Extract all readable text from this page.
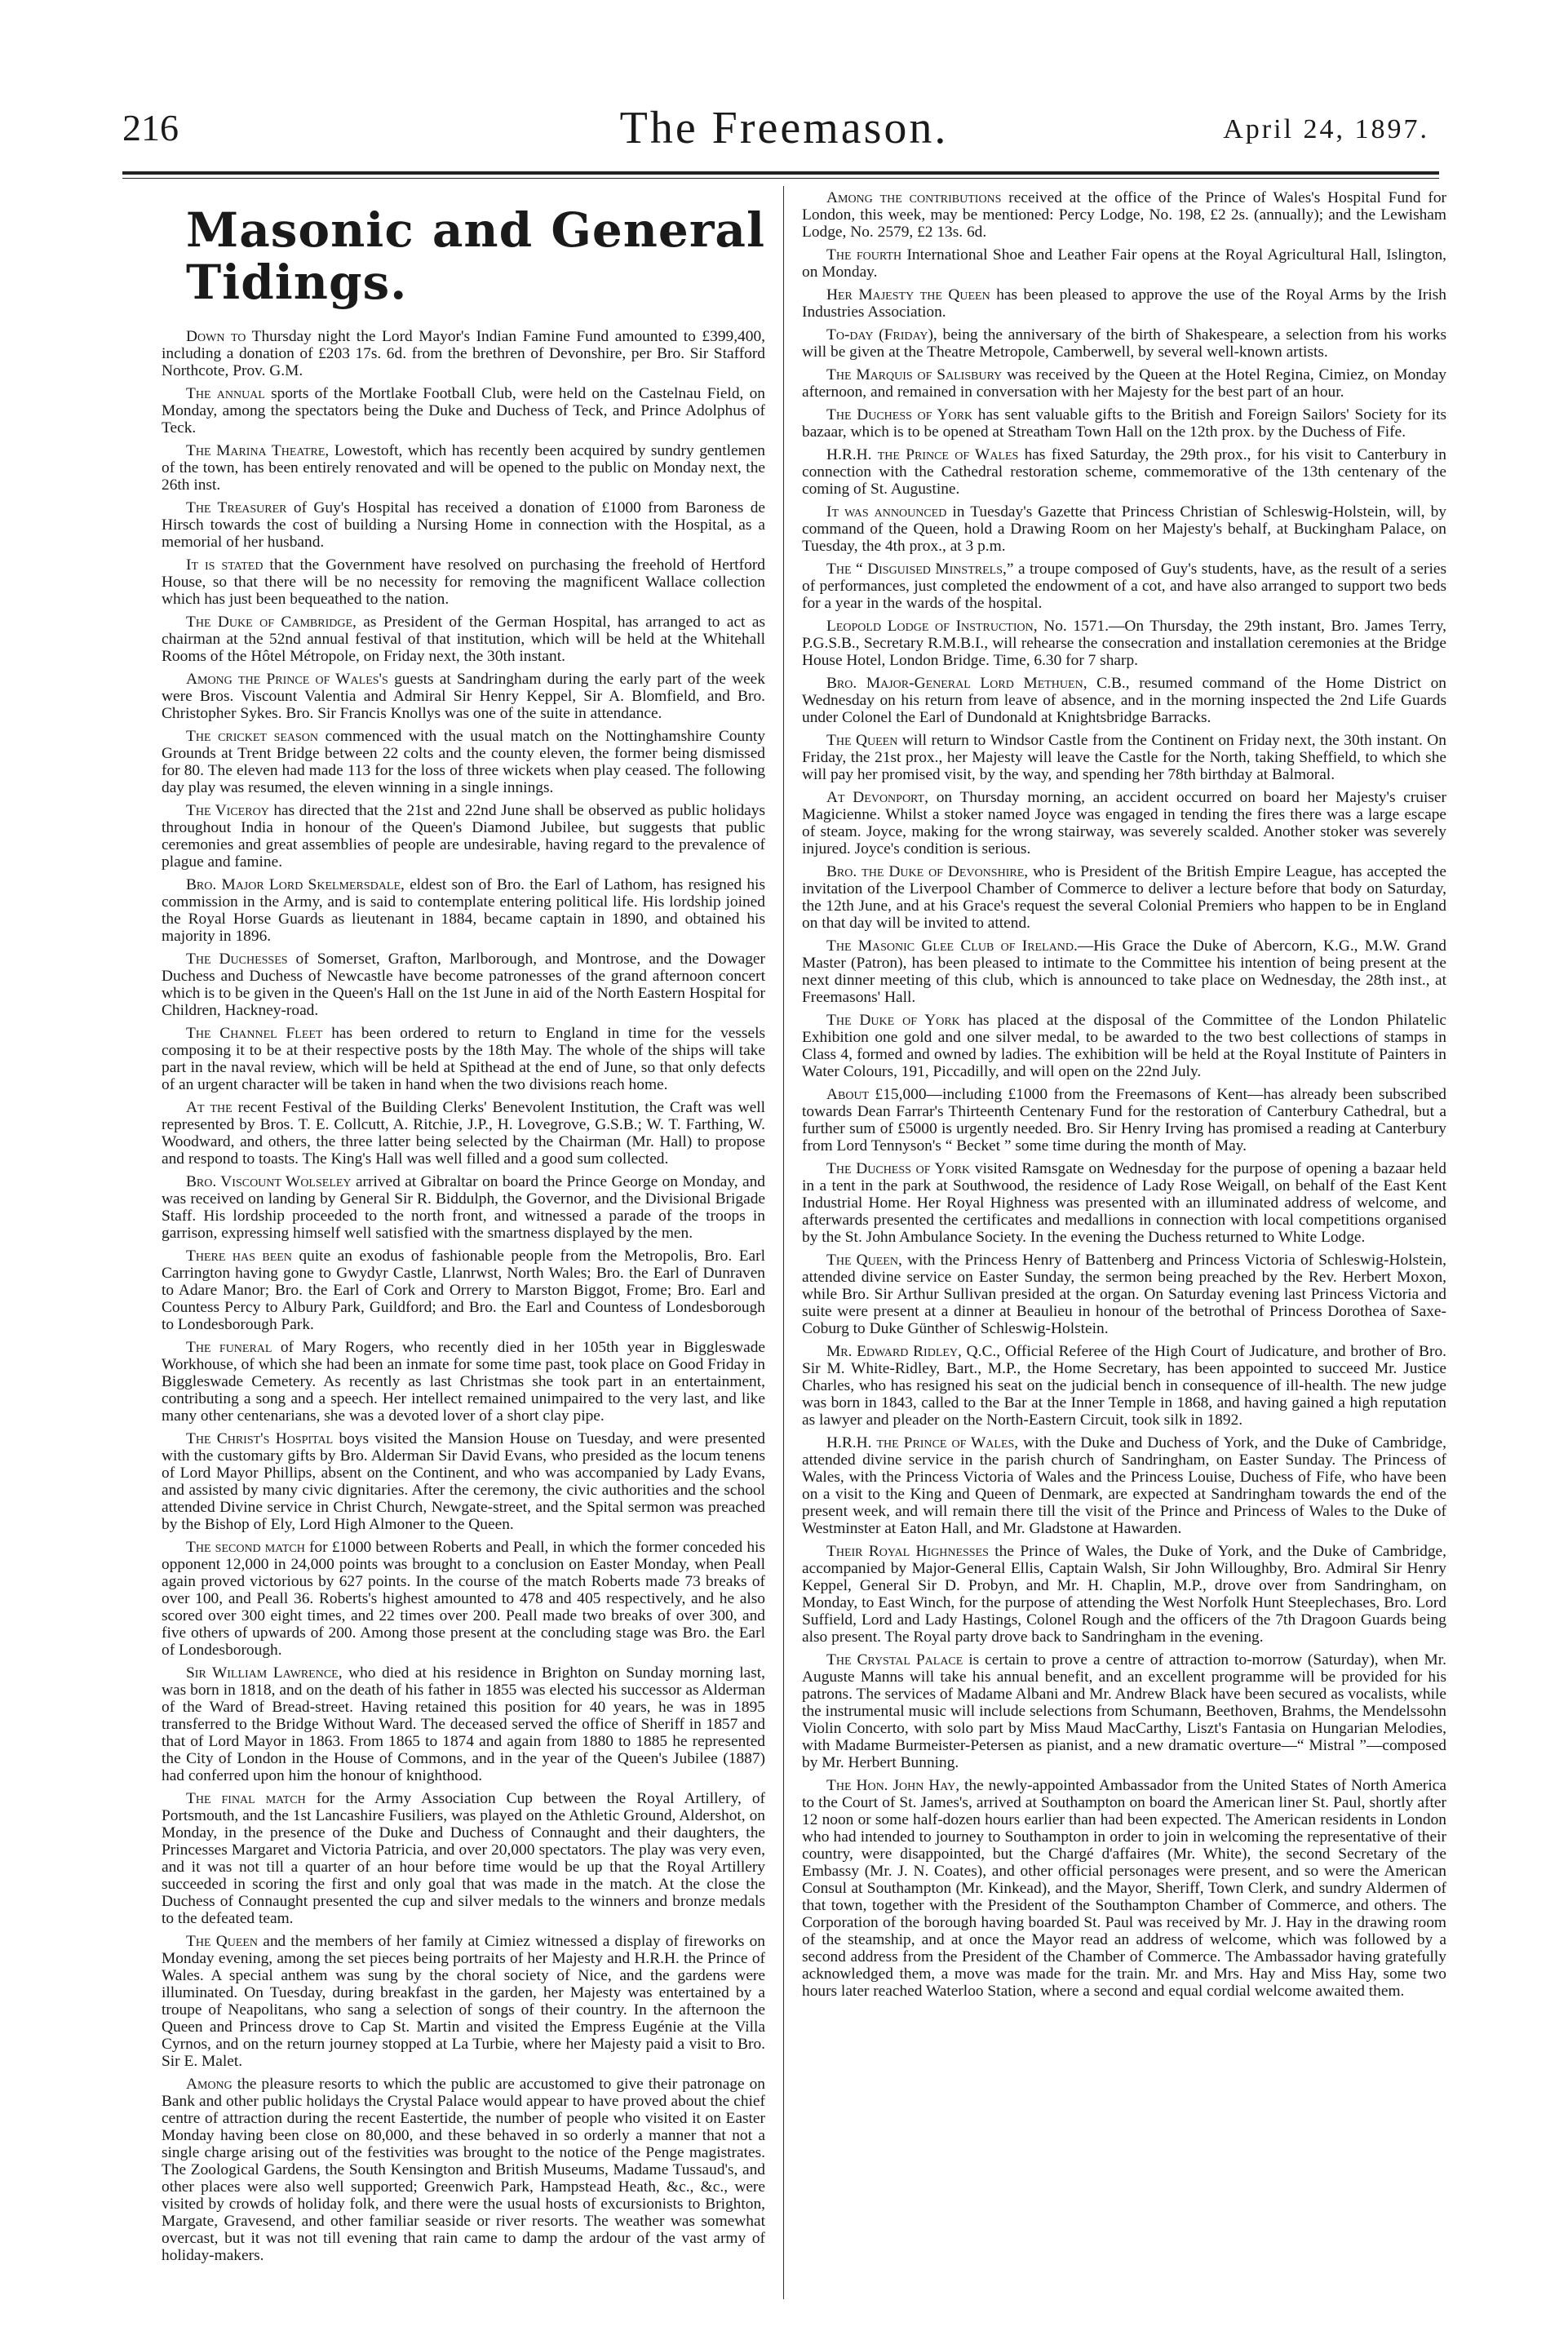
216	The Freemason.	April 24, 1897.
Masonic and General Tidings.

Down to Thursday night the Lord Mayor's Indian Famine Fund amounted to £399,400, including a donation of £203 17s. 6d. from the brethren of Devonshire, per Bro. Sir Stafford Northcote, Prov. G.M.

The annual sports of the Mortlake Football Club, were held on the Castelnau Field, on Monday, among the spectators being the Duke and Duchess of Teck, and Prince Adolphus of Teck.

The Marina Theatre, Lowestoft, which has recently been acquired by sundry gentlemen of the town, has been entirely renovated and will be opened to the public on Monday next, the 26th inst.

The Treasurer of Guy's Hospital has received a donation of £1000 from Baroness de Hirsch towards the cost of building a Nursing Home in connection with the Hospital, as a memorial of her husband.

It is stated that the Government have resolved on purchasing the freehold of Hertford House, so that there will be no necessity for removing the magnificent Wallace collection which has just been bequeathed to the nation.

The Duke of Cambridge, as President of the German Hospital, has arranged to act as chairman at the 52nd annual festival of that institution, which will be held at the Whitehall Rooms of the Hôtel Métropole, on Friday next, the 30th instant.

Among the Prince of Wales's guests at Sandringham during the early part of the week were Bros. Viscount Valentia and Admiral Sir Henry Keppel, Sir A. Blomfield, and Bro. Christopher Sykes. Bro. Sir Francis Knollys was one of the suite in attendance.

The cricket season commenced with the usual match on the Nottinghamshire County Grounds at Trent Bridge between 22 colts and the county eleven, the former being dismissed for 80. The eleven had made 113 for the loss of three wickets when play ceased. The following day play was resumed, the eleven winning in a single innings.

The Viceroy has directed that the 21st and 22nd June shall be observed as public holidays throughout India in honour of the Queen's Diamond Jubilee, but suggests that public ceremonies and great assemblies of people are undesirable, having regard to the prevalence of plague and famine.

Bro. Major Lord Skelmersdale, eldest son of Bro. the Earl of Lathom, has resigned his commission in the Army, and is said to contemplate entering political life. His lordship joined the Royal Horse Guards as lieutenant in 1884, became captain in 1890, and obtained his majority in 1896.

The Duchesses of Somerset, Grafton, Marlborough, and Montrose, and the Dowager Duchess and Duchess of Newcastle have become patronesses of the grand afternoon concert which is to be given in the Queen's Hall on the 1st June in aid of the North Eastern Hospital for Children, Hackney-road.

The Channel Fleet has been ordered to return to England in time for the vessels composing it to be at their respective posts by the 18th May. The whole of the ships will take part in the naval review, which will be held at Spithead at the end of June, so that only defects of an urgent character will be taken in hand when the two divisions reach home.

At the recent Festival of the Building Clerks' Benevolent Institution, the Craft was well represented by Bros. T. E. Collcutt, A. Ritchie, J.P., H. Lovegrove, G.S.B.; W. T. Farthing, W. Woodward, and others, the three latter being selected by the Chairman (Mr. Hall) to propose and respond to toasts. The King's Hall was well filled and a good sum collected.

Bro. Viscount Wolseley arrived at Gibraltar on board the Prince George on Monday, and was received on landing by General Sir R. Biddulph, the Governor, and the Divisional Brigade Staff. His lordship proceeded to the north front, and witnessed a parade of the troops in garrison, expressing himself well satisfied with the smartness displayed by the men.

There has been quite an exodus of fashionable people from the Metropolis, Bro. Earl Carrington having gone to Gwydyr Castle, Llanrwst, North Wales; Bro. the Earl of Dunraven to Adare Manor; Bro. the Earl of Cork and Orrery to Marston Biggot, Frome; Bro. Earl and Countess Percy to Albury Park, Guildford; and Bro. the Earl and Countess of Londesborough to Londesborough Park.

The funeral of Mary Rogers, who recently died in her 105th year in Biggleswade Workhouse, of which she had been an inmate for some time past, took place on Good Friday in Biggleswade Cemetery. As recently as last Christmas she took part in an entertainment, contributing a song and a speech. Her intellect remained unimpaired to the very last, and like many other centenarians, she was a devoted lover of a short clay pipe.

The Christ's Hospital boys visited the Mansion House on Tuesday, and were presented with the customary gifts by Bro. Alderman Sir David Evans, who presided as the locum tenens of Lord Mayor Phillips, absent on the Continent, and who was accompanied by Lady Evans, and assisted by many civic dignitaries. After the ceremony, the civic authorities and the school attended Divine service in Christ Church, Newgate-street, and the Spital sermon was preached by the Bishop of Ely, Lord High Almoner to the Queen.

The second match for £1000 between Roberts and Peall, in which the former conceded his opponent 12,000 in 24,000 points was brought to a conclusion on Easter Monday, when Peall again proved victorious by 627 points. In the course of the match Roberts made 73 breaks of over 100, and Peall 36. Roberts's highest amounted to 478 and 405 respectively, and he also scored over 300 eight times, and 22 times over 200. Peall made two breaks of over 300, and five others of upwards of 200. Among those present at the concluding stage was Bro. the Earl of Londesborough.

Sir William Lawrence, who died at his residence in Brighton on Sunday morning last, was born in 1818, and on the death of his father in 1855 was elected his successor as Alderman of the Ward of Bread-street. Having retained this position for 40 years, he was in 1895 transferred to the Bridge Without Ward. The deceased served the office of Sheriff in 1857 and that of Lord Mayor in 1863. From 1865 to 1874 and again from 1880 to 1885 he represented the City of London in the House of Commons, and in the year of the Queen's Jubilee (1887) had conferred upon him the honour of knighthood.

The final match for the Army Association Cup between the Royal Artillery, of Portsmouth, and the 1st Lancashire Fusiliers, was played on the Athletic Ground, Aldershot, on Monday, in the presence of the Duke and Duchess of Connaught and their daughters, the Princesses Margaret and Victoria Patricia, and over 20,000 spectators. The play was very even, and it was not till a quarter of an hour before time would be up that the Royal Artillery succeeded in scoring the first and only goal that was made in the match. At the close the Duchess of Connaught presented the cup and silver medals to the winners and bronze medals to the defeated team.

The Queen and the members of her family at Cimiez witnessed a display of fireworks on Monday evening, among the set pieces being portraits of her Majesty and H.R.H. the Prince of Wales. A special anthem was sung by the choral society of Nice, and the gardens were illuminated. On Tuesday, during breakfast in the garden, her Majesty was entertained by a troupe of Neapolitans, who sang a selection of songs of their country. In the afternoon the Queen and Princess drove to Cap St. Martin and visited the Empress Eugénie at the Villa Cyrnos, and on the return journey stopped at La Turbie, where her Majesty paid a visit to Bro. Sir E. Malet.

Among the pleasure resorts to which the public are accustomed to give their patronage on Bank and other public holidays the Crystal Palace would appear to have proved about the chief centre of attraction during the recent Eastertide, the number of people who visited it on Easter Monday having been close on 80,000, and these behaved in so orderly a manner that not a single charge arising out of the festivities was brought to the notice of the Penge magistrates. The Zoological Gardens, the South Kensington and British Museums, Madame Tussaud's, and other places were also well supported; Greenwich Park, Hampstead Heath, &c., &c., were visited by crowds of holiday folk, and there were the usual hosts of excursionists to Brighton, Margate, Gravesend, and other familiar seaside or river resorts. The weather was somewhat overcast, but it was not till evening that rain came to damp the ardour of the vast army of holiday-makers.

Among the contributions received at the office of the Prince of Wales's Hospital Fund for London, this week, may be mentioned: Percy Lodge, No. 198, £2 2s. (annually); and the Lewisham Lodge, No. 2579, £2 13s. 6d.

The fourth International Shoe and Leather Fair opens at the Royal Agricultural Hall, Islington, on Monday.

Her Majesty the Queen has been pleased to approve the use of the Royal Arms by the Irish Industries Association.

To-day (Friday), being the anniversary of the birth of Shakespeare, a selection from his works will be given at the Theatre Metropole, Camberwell, by several well-known artists.

The Marquis of Salisbury was received by the Queen at the Hotel Regina, Cimiez, on Monday afternoon, and remained in conversation with her Majesty for the best part of an hour.

The Duchess of York has sent valuable gifts to the British and Foreign Sailors' Society for its bazaar, which is to be opened at Streatham Town Hall on the 12th prox. by the Duchess of Fife.

H.R.H. the Prince of Wales has fixed Saturday, the 29th prox., for his visit to Canterbury in connection with the Cathedral restoration scheme, commemorative of the 13th centenary of the coming of St. Augustine.

It was announced in Tuesday's Gazette that Princess Christian of Schleswig-Holstein, will, by command of the Queen, hold a Drawing Room on her Majesty's behalf, at Buckingham Palace, on Tuesday, the 4th prox., at 3 p.m.

The “ Disguised Minstrels,” a troupe composed of Guy's students, have, as the result of a series of performances, just completed the endowment of a cot, and have also arranged to support two beds for a year in the wards of the hospital.

Leopold Lodge of Instruction, No. 1571.—On Thursday, the 29th instant, Bro. James Terry, P.G.S.B., Secretary R.M.B.I., will rehearse the consecration and installation ceremonies at the Bridge House Hotel, London Bridge. Time, 6.30 for 7 sharp.

Bro. Major-General Lord Methuen, C.B., resumed command of the Home District on Wednesday on his return from leave of absence, and in the morning inspected the 2nd Life Guards under Colonel the Earl of Dundonald at Knightsbridge Barracks.

The Queen will return to Windsor Castle from the Continent on Friday next, the 30th instant. On Friday, the 21st prox., her Majesty will leave the Castle for the North, taking Sheffield, to which she will pay her promised visit, by the way, and spending her 78th birthday at Balmoral.

At Devonport, on Thursday morning, an accident occurred on board her Majesty's cruiser Magicienne. Whilst a stoker named Joyce was engaged in tending the fires there was a large escape of steam. Joyce, making for the wrong stairway, was severely scalded. Another stoker was severely injured. Joyce's condition is serious.

Bro. the Duke of Devonshire, who is President of the British Empire League, has accepted the invitation of the Liverpool Chamber of Commerce to deliver a lecture before that body on Saturday, the 12th June, and at his Grace's request the several Colonial Premiers who happen to be in England on that day will be invited to attend.

The Masonic Glee Club of Ireland.—His Grace the Duke of Abercorn, K.G., M.W. Grand Master (Patron), has been pleased to intimate to the Committee his intention of being present at the next dinner meeting of this club, which is announced to take place on Wednesday, the 28th inst., at Freemasons' Hall.

The Duke of York has placed at the disposal of the Committee of the London Philatelic Exhibition one gold and one silver medal, to be awarded to the two best collections of stamps in Class 4, formed and owned by ladies. The exhibition will be held at the Royal Institute of Painters in Water Colours, 191, Piccadilly, and will open on the 22nd July.

About £15,000—including £1000 from the Freemasons of Kent—has already been subscribed towards Dean Farrar's Thirteenth Centenary Fund for the restoration of Canterbury Cathedral, but a further sum of £5000 is urgently needed. Bro. Sir Henry Irving has promised a reading at Canterbury from Lord Tennyson's “ Becket ” some time during the month of May.

The Duchess of York visited Ramsgate on Wednesday for the purpose of opening a bazaar held in a tent in the park at Southwood, the residence of Lady Rose Weigall, on behalf of the East Kent Industrial Home. Her Royal Highness was presented with an illuminated address of welcome, and afterwards presented the certificates and medallions in connection with local competitions organised by the St. John Ambulance Society. In the evening the Duchess returned to White Lodge.

The Queen, with the Princess Henry of Battenberg and Princess Victoria of Schleswig-Holstein, attended divine service on Easter Sunday, the sermon being preached by the Rev. Herbert Moxon, while Bro. Sir Arthur Sullivan presided at the organ. On Saturday evening last Princess Victoria and suite were present at a dinner at Beaulieu in honour of the betrothal of Princess Dorothea of Saxe-Coburg to Duke Günther of Schleswig-Holstein.

Mr. Edward Ridley, Q.C., Official Referee of the High Court of Judicature, and brother of Bro. Sir M. White-Ridley, Bart., M.P., the Home Secretary, has been appointed to succeed Mr. Justice Charles, who has resigned his seat on the judicial bench in consequence of ill-health. The new judge was born in 1843, called to the Bar at the Inner Temple in 1868, and having gained a high reputation as lawyer and pleader on the North-Eastern Circuit, took silk in 1892.

H.R.H. the Prince of Wales, with the Duke and Duchess of York, and the Duke of Cambridge, attended divine service in the parish church of Sandringham, on Easter Sunday. The Princess of Wales, with the Princess Victoria of Wales and the Princess Louise, Duchess of Fife, who have been on a visit to the King and Queen of Denmark, are expected at Sandringham towards the end of the present week, and will remain there till the visit of the Prince and Princess of Wales to the Duke of Westminster at Eaton Hall, and Mr. Gladstone at Hawarden.

Their Royal Highnesses the Prince of Wales, the Duke of York, and the Duke of Cambridge, accompanied by Major-General Ellis, Captain Walsh, Sir John Willoughby, Bro. Admiral Sir Henry Keppel, General Sir D. Probyn, and Mr. H. Chaplin, M.P., drove over from Sandringham, on Monday, to East Winch, for the purpose of attending the West Norfolk Hunt Steeplechases, Bro. Lord Suffield, Lord and Lady Hastings, Colonel Rough and the officers of the 7th Dragoon Guards being also present. The Royal party drove back to Sandringham in the evening.

The Crystal Palace is certain to prove a centre of attraction to-morrow (Saturday), when Mr. Auguste Manns will take his annual benefit, and an excellent programme will be provided for his patrons. The services of Madame Albani and Mr. Andrew Black have been secured as vocalists, while the instrumental music will include selections from Schumann, Beethoven, Brahms, the Mendelssohn Violin Concerto, with solo part by Miss Maud MacCarthy, Liszt's Fantasia on Hungarian Melodies, with Madame Burmeister-Petersen as pianist, and a new dramatic overture—“ Mistral ”—composed by Mr. Herbert Bunning.

The Hon. John Hay, the newly-appointed Ambassador from the United States of North America to the Court of St. James's, arrived at Southampton on board the American liner St. Paul, shortly after 12 noon or some half-dozen hours earlier than had been expected. The American residents in London who had intended to journey to Southampton in order to join in welcoming the representative of their country, were disappointed, but the Chargé d'affaires (Mr. White), the second Secretary of the Embassy (Mr. J. N. Coates), and other official personages were present, and so were the American Consul at Southampton (Mr. Kinkead), and the Mayor, Sheriff, Town Clerk, and sundry Aldermen of that town, together with the President of the Southampton Chamber of Commerce, and others. The Corporation of the borough having boarded St. Paul was received by Mr. J. Hay in the drawing room of the steamship, and at once the Mayor read an address of welcome, which was followed by a second address from the President of the Chamber of Commerce. The Ambassador having gratefully acknowledged them, a move was made for the train. Mr. and Mrs. Hay and Miss Hay, some two hours later reached Waterloo Station, where a second and equal cordial welcome awaited them.
